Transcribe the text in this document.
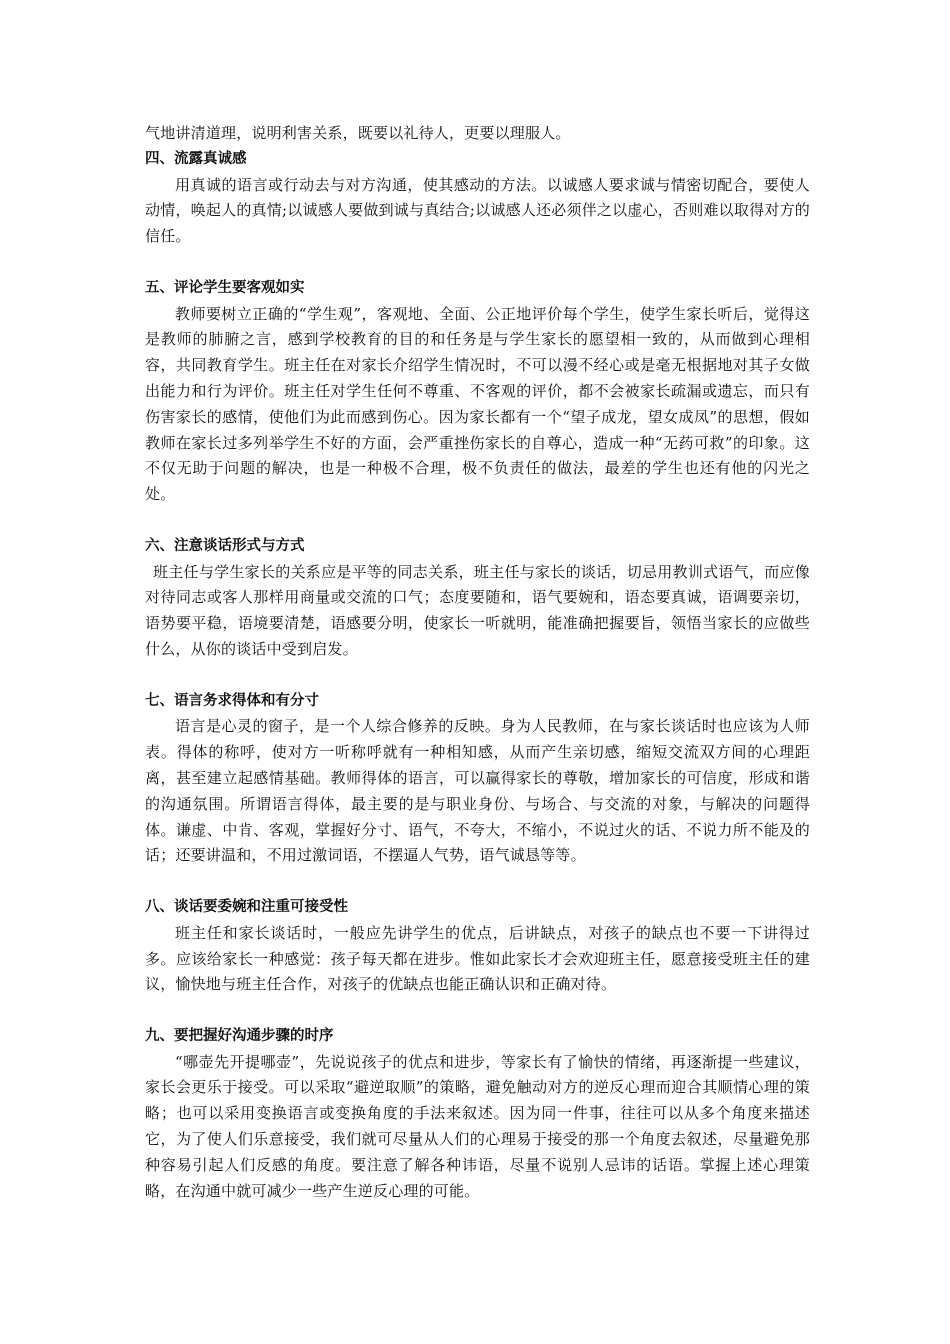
气地讲清道理，说明利害关系，既要以礼待人，更要以理服人。

四、流露真诚感

用真诚的语言或行动去与对方沟通，使其感动的方法。以诚感人要求诚与情密切配合，要使人动情，唤起人的真情;以诚感人要做到诚与真结合;以诚感人还必须伴之以虚心，否则难以取得对方的信任。

五、评论学生要客观如实

教师要树立正确的“学生观”，客观地、全面、公正地评价每个学生，使学生家长听后，觉得这是教师的肺腑之言，感到学校教育的目的和任务是与学生家长的愿望相一致的，从而做到心理相容，共同教育学生。班主任在对家长介绍学生情况时，不可以漫不经心或是毫无根据地对其子女做出能力和行为评价。班主任对学生任何不尊重、不客观的评价，都不会被家长疏漏或遗忘，而只有伤害家长的感情，使他们为此而感到伤心。因为家长都有一个“望子成龙，望女成凤”的思想，假如教师在家长过多列举学生不好的方面，会严重挫伤家长的自尊心，造成一种“无药可救”的印象。这不仅无助于问题的解决，也是一种极不合理，极不负责任的做法，最差的学生也还有他的闪光之处。

六、注意谈话形式与方式

班主任与学生家长的关系应是平等的同志关系，班主任与家长的谈话，切忌用教训式语气，而应像对待同志或客人那样用商量或交流的口气；态度要随和，语气要婉和，语态要真诚，语调要亲切，语势要平稳，语境要清楚，语感要分明，使家长一听就明，能准确把握要旨，领悟当家长的应做些什么，从你的谈话中受到启发。

七、语言务求得体和有分寸

语言是心灵的窗子，是一个人综合修养的反映。身为人民教师，在与家长谈话时也应该为人师表。得体的称呼，使对方一听称呼就有一种相知感，从而产生亲切感，缩短交流双方间的心理距离，甚至建立起感情基础。教师得体的语言，可以赢得家长的尊敬，增加家长的可信度，形成和谐的沟通氛围。所谓语言得体，最主要的是与职业身份、与场合、与交流的对象，与解决的问题得体。谦虚、中肯、客观，掌握好分寸、语气，不夸大，不缩小，不说过火的话、不说力所不能及的话；还要讲温和，不用过激词语，不摆逼人气势，语气诚恳等等。

八、谈话要委婉和注重可接受性

班主任和家长谈话时，一般应先讲学生的优点，后讲缺点，对孩子的缺点也不要一下讲得过多。应该给家长一种感觉：孩子每天都在进步。惟如此家长才会欢迎班主任，愿意接受班主任的建议，愉快地与班主任合作，对孩子的优缺点也能正确认识和正确对待。

九、要把握好沟通步骤的时序

“哪壶先开提哪壶”，先说说孩子的优点和进步，等家长有了愉快的情绪，再逐渐提一些建议，家长会更乐于接受。可以采取“避逆取顺”的策略，避免触动对方的逆反心理而迎合其顺情心理的策略；也可以采用变换语言或变换角度的手法来叙述。因为同一件事，往往可以从多个角度来描述它，为了使人们乐意接受，我们就可尽量从人们的心理易于接受的那一个角度去叙述，尽量避免那种容易引起人们反感的角度。要注意了解各种讳语，尽量不说别人忌讳的话语。掌握上述心理策略，在沟通中就可减少一些产生逆反心理的可能。
